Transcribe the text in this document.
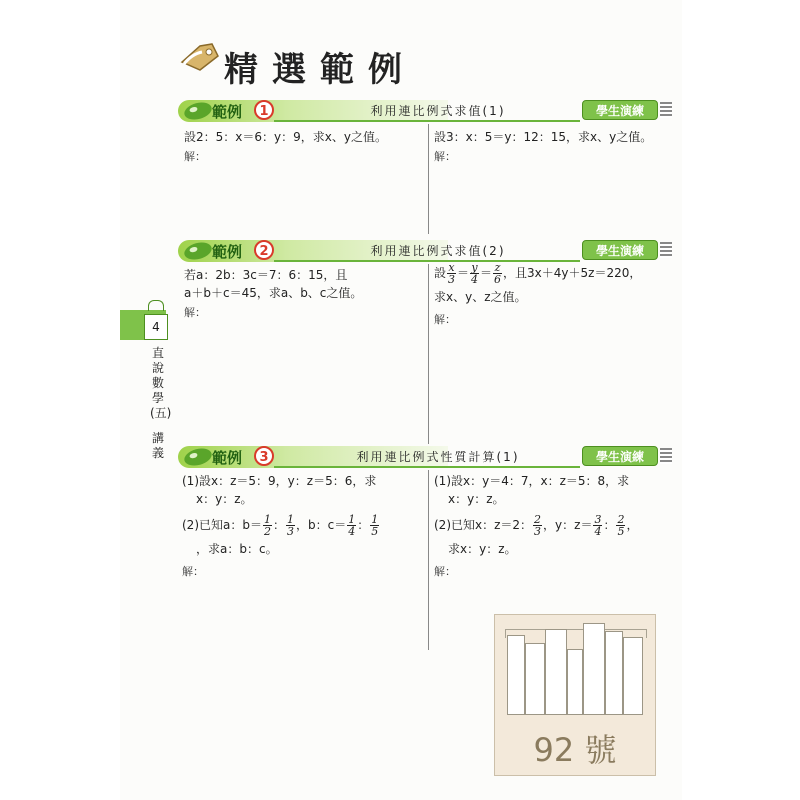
精選範例
範例	1	利用連比例式求值(1)	學生演練
設2：5：x＝6：y：9，求x、y之值。
解：
設3：x：5＝y：12：15，求x、y之值。
解：
範例	2	利用連比例式求值(2)	學生演練
若a：2b：3c＝7：6：15，且
a＋b＋c＝45，求a、b、c之值。
解：
設 $\frac{x}{3} = \frac{y}{4} = \frac{z}{6}$ ，且3x＋4y＋5z＝220，
求x、y、z之值。
解：
範例	3	利用連比例式性質計算(1)	學生演練
(1)設x：z＝5：9，y：z＝5：6，求
x：y：z。

(2)已知a：$b= \frac{1}{2}$ ： $\frac{1}{3}$ ，b：$c= \frac{1}{4}$ ： $\frac{1}{5}$
，求a：b：c。
解：
(1)設x：y＝4：7，x：z＝5：8，求
x：y：z。

(2)已知x：z＝2： $\frac{2}{3}$ ，y：$z= \frac{3}{4}$ ： $\frac{2}{5}$ ，
求x：y：z。
解：
4
直說數學(五)
講義
92 號
